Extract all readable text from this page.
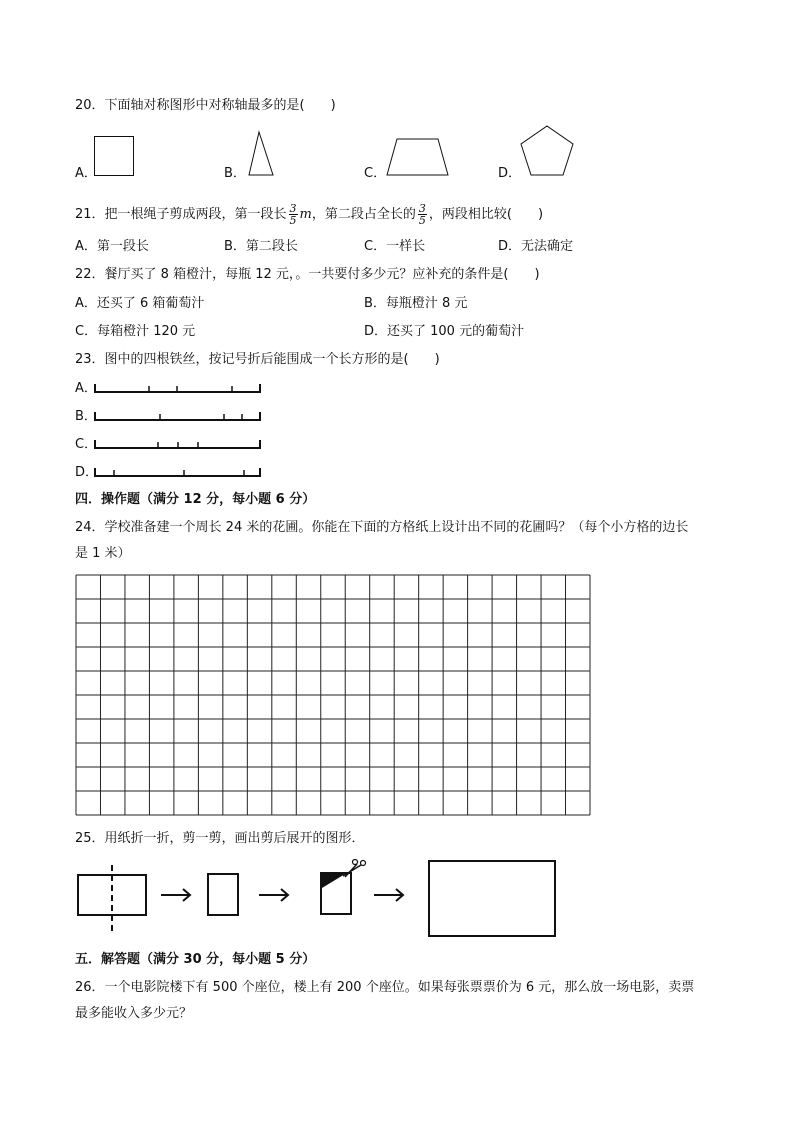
20．下面轴对称图形中对称轴最多的是(　　)
A．	B．	C．	D．
21．把一根绳子剪成两段，第一段长 $\frac{3}{5}$ m，第二段占全长的 $\frac{3}{5}$ ，两段相比较(　　)
A．第一段长	B．第二段长	C．一样长	D．无法确定
22．餐厅买了 8 箱橙汁，每瓶 12 元，。一共要付多少元？应补充的条件是(　　)
A．还买了 6 箱葡萄汁	B．每瓶橙汁 8 元
C．每箱橙汁 120 元	D．还买了 100 元的葡萄汁
23．图中的四根铁丝，按记号折后能围成一个长方形的是(　　)
A．
B．
C．
D．
四．操作题（满分 12 分，每小题 6 分）
24．学校准备建一个周长 24 米的花圃。你能在下面的方格纸上设计出不同的花圃吗？（每个小方格的边长
是 1 米）
25．用纸折一折，剪一剪，画出剪后展开的图形．
五．解答题（满分 30 分，每小题 5 分）
26．一个电影院楼下有 500 个座位，楼上有 200 个座位。如果每张票票价为 6 元，那么放一场电影，卖票
最多能收入多少元？
